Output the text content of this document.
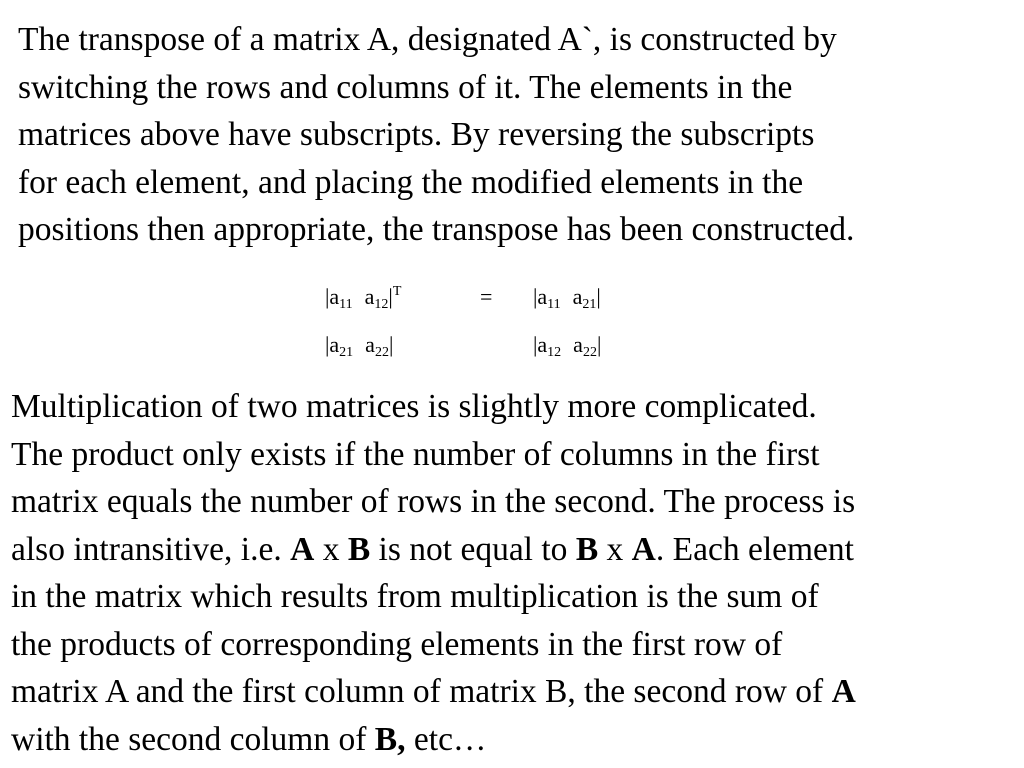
The transpose of a matrix A, designated A`, is constructed by
switching the rows and columns of it. The elements in the
matrices above have subscripts. By reversing the subscripts
for each element, and placing the modified elements in the
positions then appropriate, the transpose has been constructed.
$|a_{11}$ $a_{12}|^T$
$|a_{21}$ $a_{22}|$
= $|a_{11}$ $a_{21}|$
$|a_{12}$ $a_{22}|$
Multiplication of two matrices is slightly more complicated.
The product only exists if the number of columns in the first
matrix equals the number of rows in the second. The process is
also intransitive, i.e. A x B is not equal to B x A. Each element
in the matrix which results from multiplication is the sum of
the products of corresponding elements in the first row of
matrix A and the first column of matrix B, the second row of A
with the second column of B, etc…
